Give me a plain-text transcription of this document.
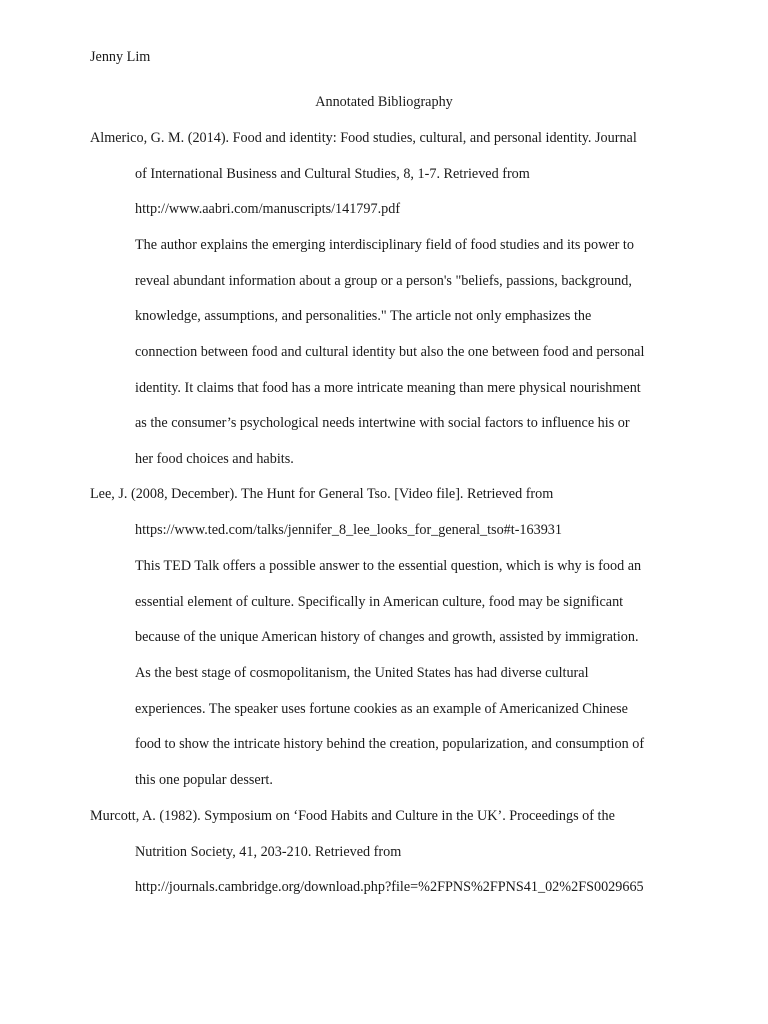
Jenny Lim
Annotated Bibliography
Almerico, G. M. (2014). Food and identity: Food studies, cultural, and personal identity. Journal
of International Business and Cultural Studies, 8, 1-7. Retrieved from
http://www.aabri.com/manuscripts/141797.pdf
The author explains the emerging interdisciplinary field of food studies and its power to
reveal abundant information about a group or a person's "beliefs, passions, background,
knowledge, assumptions, and personalities." The article not only emphasizes the
connection between food and cultural identity but also the one between food and personal
identity. It claims that food has a more intricate meaning than mere physical nourishment
as the consumer’s psychological needs intertwine with social factors to influence his or
her food choices and habits.
Lee, J. (2008, December). The Hunt for General Tso. [Video file]. Retrieved from
https://www.ted.com/talks/jennifer_8_lee_looks_for_general_tso#t-163931
This TED Talk offers a possible answer to the essential question, which is why is food an
essential element of culture. Specifically in American culture, food may be significant
because of the unique American history of changes and growth, assisted by immigration.
As the best stage of cosmopolitanism, the United States has had diverse cultural
experiences. The speaker uses fortune cookies as an example of Americanized Chinese
food to show the intricate history behind the creation, popularization, and consumption of
this one popular dessert.
Murcott, A. (1982). Symposium on ‘Food Habits and Culture in the UK’. Proceedings of the
Nutrition Society, 41, 203-210. Retrieved from
http://journals.cambridge.org/download.php?file=%2FPNS%2FPNS41_02%2FS0029665
